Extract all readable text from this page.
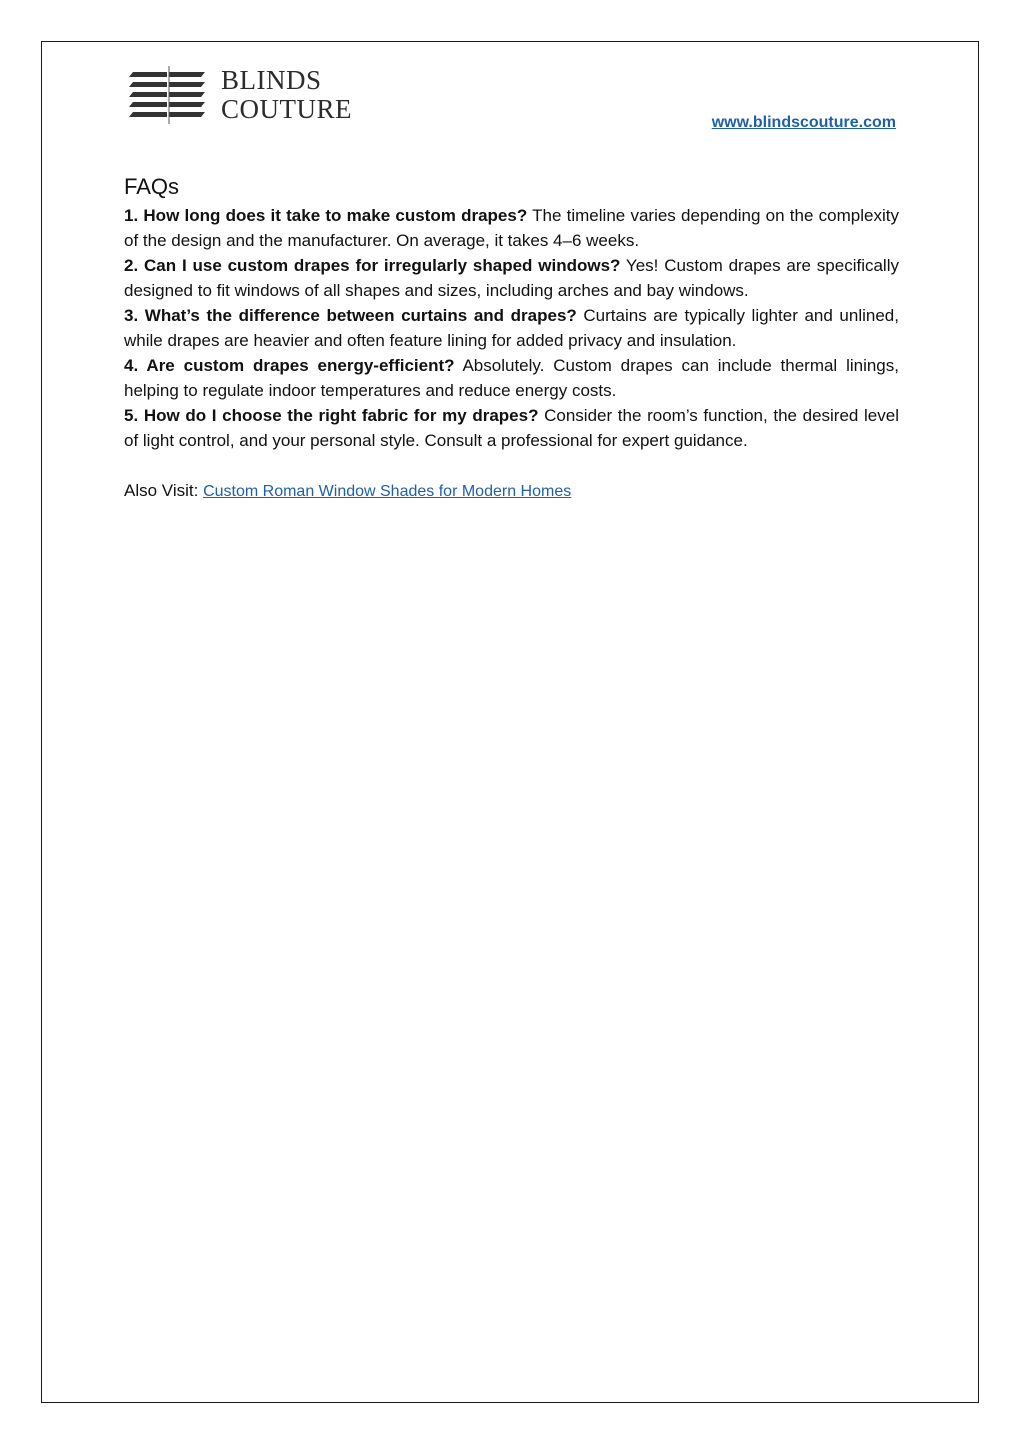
BLINDS
COUTURE	www.blindscouture.com
FAQs
1. How long does it take to make custom drapes? The timeline varies depending on the complexity of the design and the manufacturer. On average, it takes 4–6 weeks.
2. Can I use custom drapes for irregularly shaped windows? Yes! Custom drapes are specifically designed to fit windows of all shapes and sizes, including arches and bay windows.
3. What’s the difference between curtains and drapes? Curtains are typically lighter and unlined, while drapes are heavier and often feature lining for added privacy and insulation.
4. Are custom drapes energy-efficient? Absolutely. Custom drapes can include thermal linings, helping to regulate indoor temperatures and reduce energy costs.
5. How do I choose the right fabric for my drapes? Consider the room’s function, the desired level of light control, and your personal style. Consult a professional for expert guidance.
Also Visit: Custom Roman Window Shades for Modern Homes
